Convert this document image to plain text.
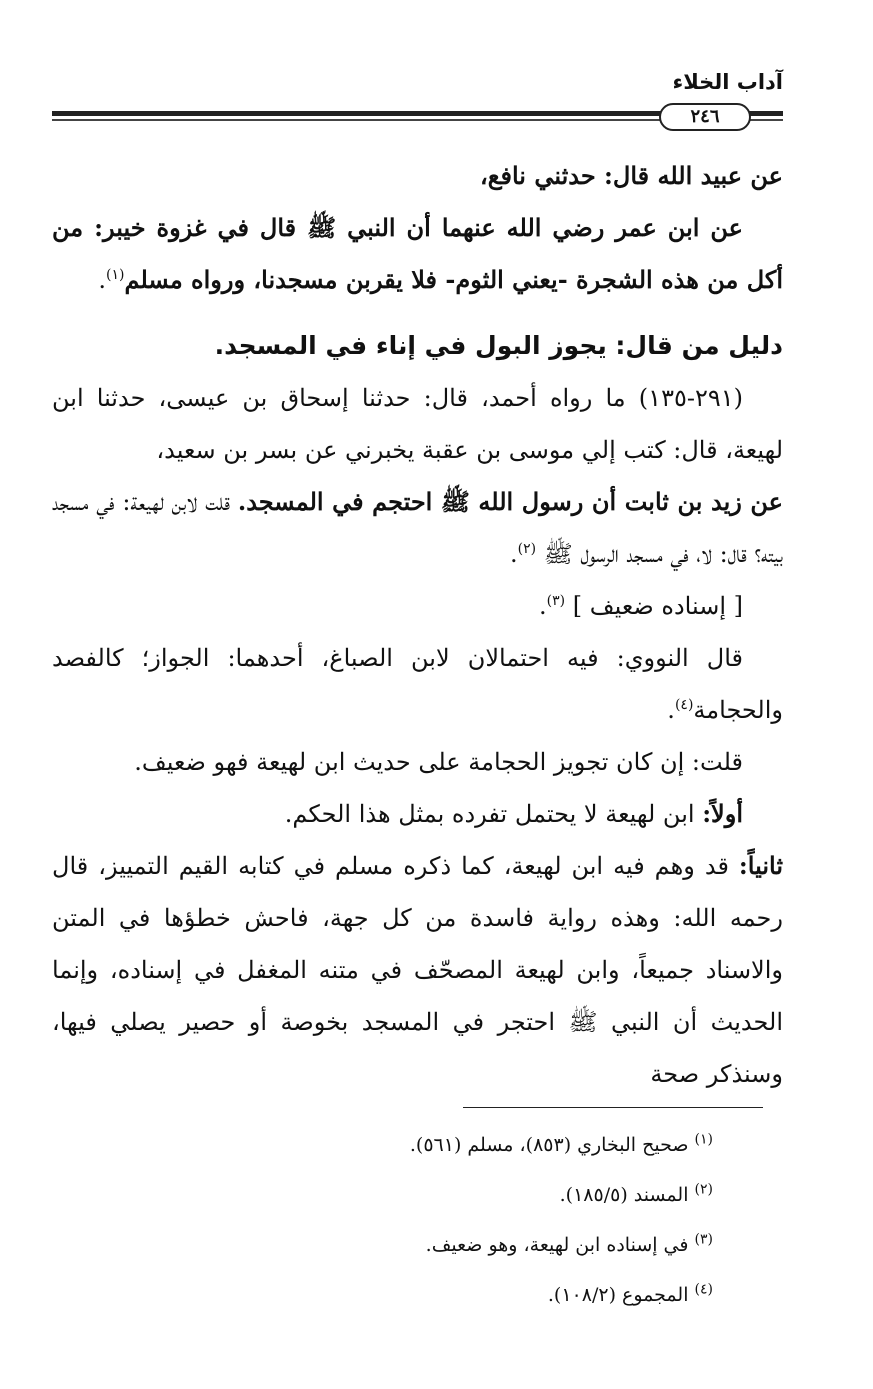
آداب الخلاء
٢٤٦

عن عبيد الله قال: حدثني نافع،

عن ابن عمر رضي الله عنهما أن النبي ﷺ قال في غزوة خيبر: من أكل من هذه الشجرة -يعني الثوم- فلا يقربن مسجدنا، ورواه مسلم$^{(١)}$.

دليل من قال: يجوز البول في إناء في المسجد.

(٢٩١-١٣٥) ما رواه أحمد، قال: حدثنا إسحاق بن عيسى، حدثنا ابن لهيعة، قال: كتب إلي موسى بن عقبة يخبرني عن بسر بن سعيد،

عن زيد بن ثابت أن رسول الله ﷺ احتجم في المسجد. قلت لابن لهيعة: في مسجد بيته؟ قال: لا، في مسجد الرسول ﷺ $^{(٢)}$.

[ إسناده ضعيف ] $^{(٣)}$.

قال النووي: فيه احتمالان لابن الصباغ، أحدهما: الجواز؛ كالفصد والحجامة$^{(٤)}$.

قلت: إن كان تجويز الحجامة على حديث ابن لهيعة فهو ضعيف.

أولاً: ابن لهيعة لا يحتمل تفرده بمثل هذا الحكم.

ثانياً: قد وهم فيه ابن لهيعة، كما ذكره مسلم في كتابه القيم التمييز، قال رحمه الله: وهذه رواية فاسدة من كل جهة، فاحش خطؤها في المتن والاسناد جميعاً، وابن لهيعة المصحّف في متنه المغفل في إسناده، وإنما الحديث أن النبي ﷺ احتجر في المسجد بخوصة أو حصير يصلي فيها، وسنذكر صحة

$^{(١)}$ صحيح البخاري (٨٥٣)، مسلم (٥٦١).

$^{(٢)}$ المسند (١٨٥/٥).

$^{(٣)}$ في إسناده ابن لهيعة، وهو ضعيف.

$^{(٤)}$ المجموع (١٠٨/٢).
